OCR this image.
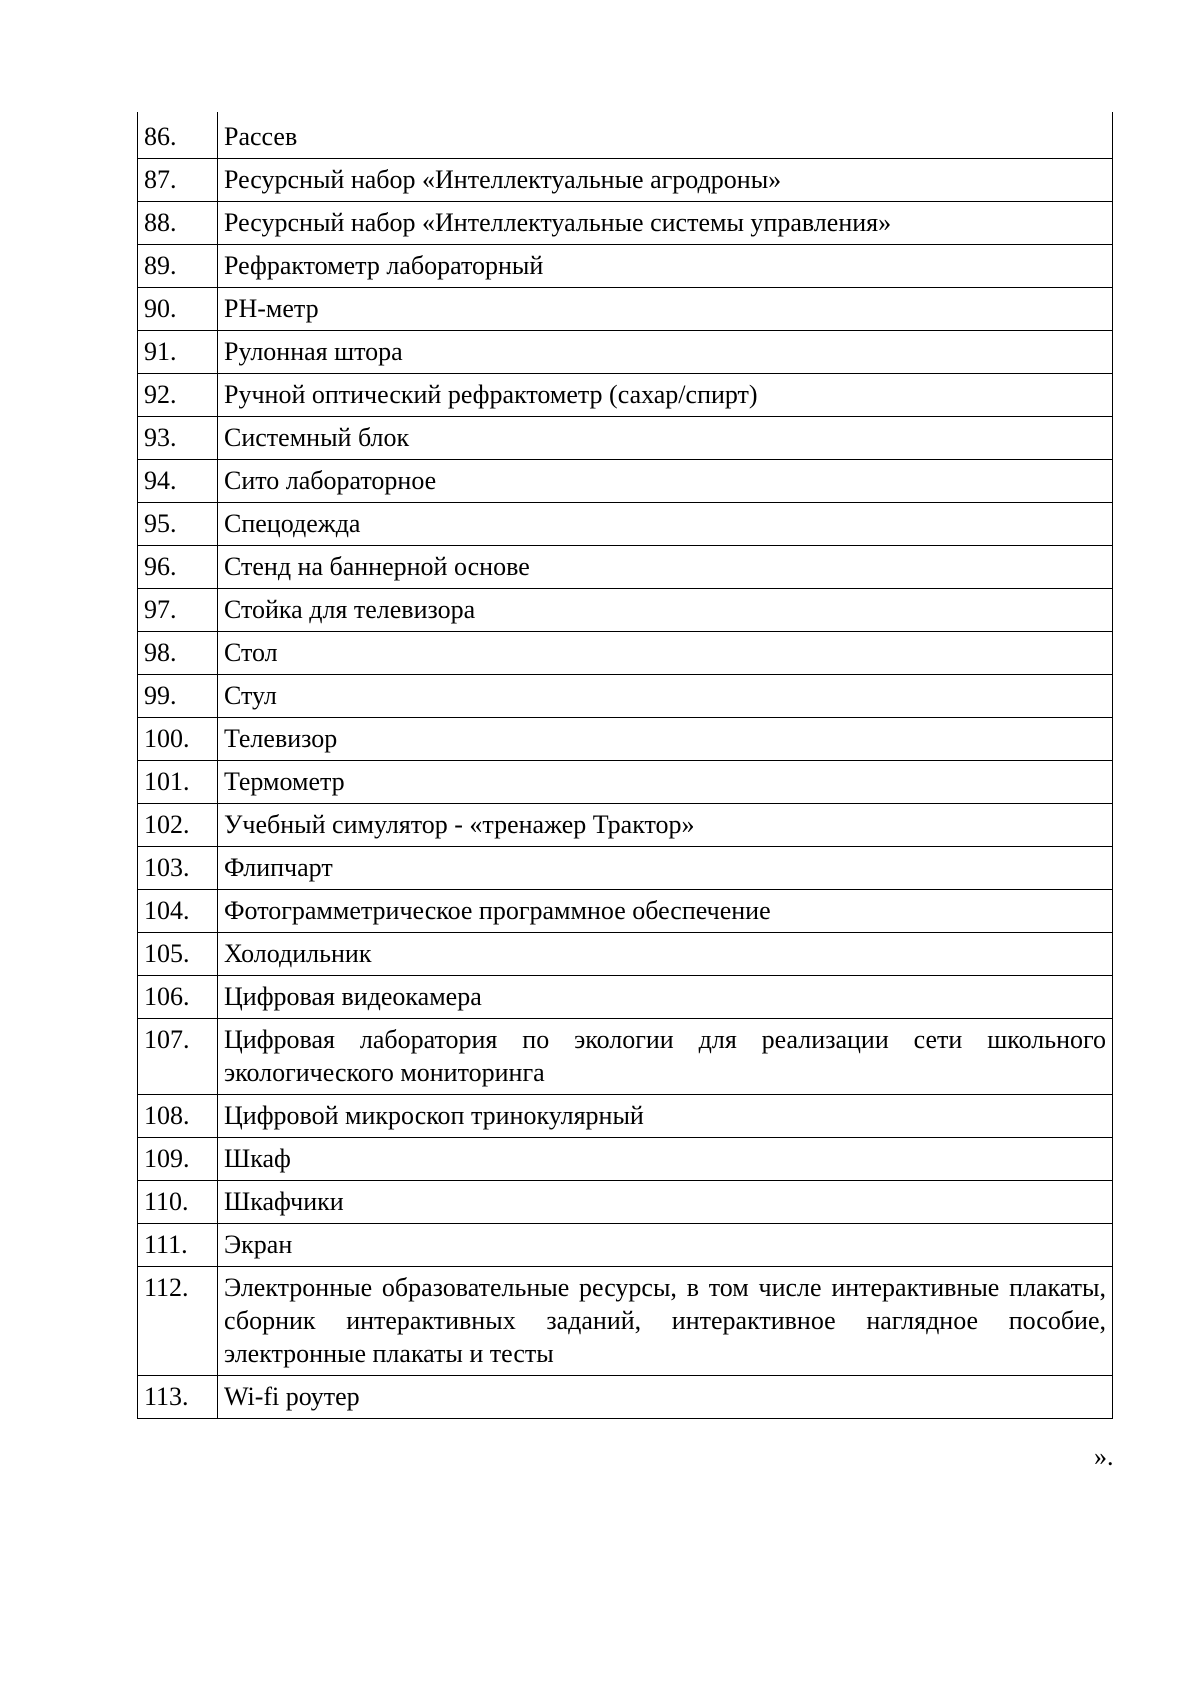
86.	Рассев
87.	Ресурсный набор «Интеллектуальные агродроны»
88.	Ресурсный набор «Интеллектуальные системы управления»
89.	Рефрактометр лабораторный
90.	PH-метр
91.	Рулонная штора
92.	Ручной оптический рефрактометр (сахар/спирт)
93.	Системный блок
94.	Сито лабораторное
95.	Спецодежда
96.	Стенд на баннерной основе
97.	Стойка для телевизора
98.	Стол
99.	Стул
100.	Телевизор
101.	Термометр
102.	Учебный симулятор - «тренажер Трактор»
103.	Флипчарт
104.	Фотограмметрическое программное обеспечение
105.	Холодильник
106.	Цифровая видеокамера
107.	Цифровая лаборатория по экологии для реализации сети школьного экологического мониторинга
108.	Цифровой микроскоп тринокулярный
109.	Шкаф
110.	Шкафчики
111.	Экран
112.	Электронные образовательные ресурсы, в том числе интерактивные плакаты, сборник интерактивных заданий, интерактивное наглядное пособие, электронные плакаты и тесты
113.	Wi-fi роутер
».
